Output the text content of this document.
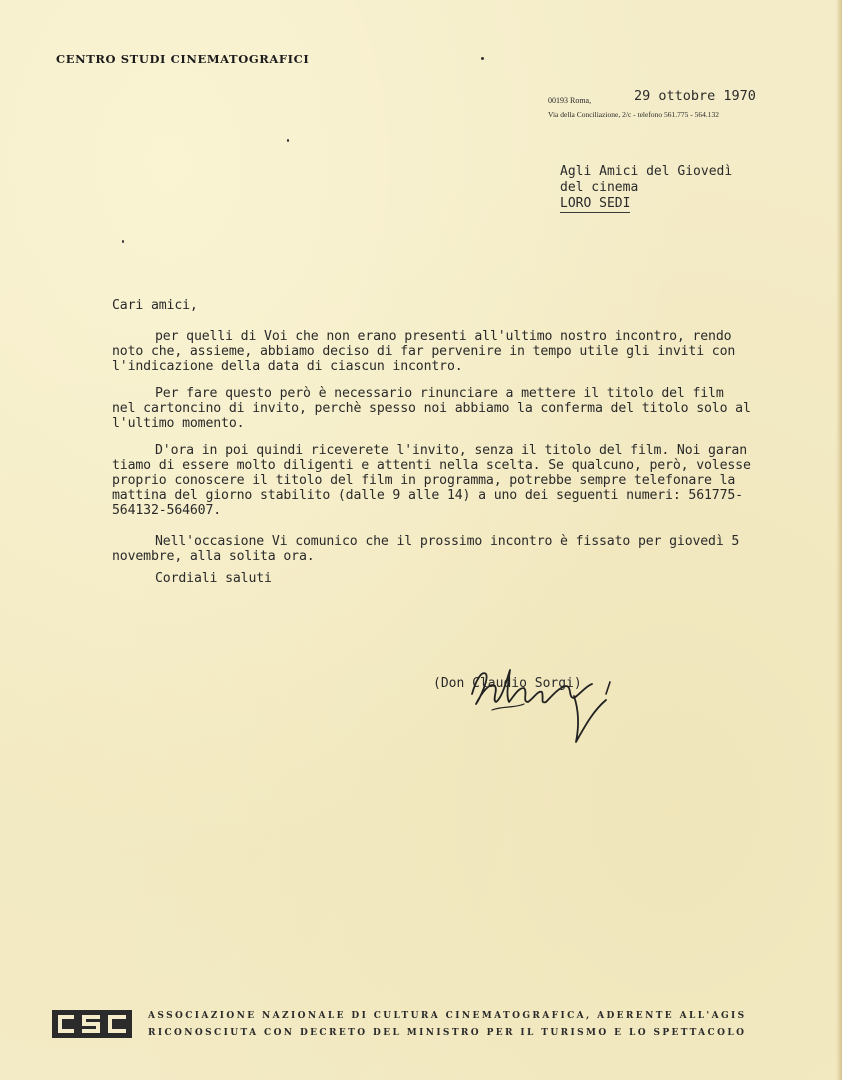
CENTRO STUDI CINEMATOGRAFICI
00193 Roma,
Via della Conciliazione, 2/c - telefono 561.775 - 564.132
29 ottobre 1970
Agli Amici del Giovedì
del cinema
LORO SEDI
Cari amici,
per quelli di Voi che non erano presenti all'ultimo nostro incontro, rendo
noto che, assieme, abbiamo deciso di far pervenire in tempo utile gli inviti con
l'indicazione della data di ciascun incontro.
Per fare questo però è necessario rinunciare a mettere il titolo del film
nel cartoncino di invito, perchè spesso noi abbiamo la conferma del titolo solo al
l'ultimo momento.
D'ora in poi quindi riceverete l'invito, senza il titolo del film. Noi garan
tiamo di essere molto diligenti e attenti nella scelta. Se qualcuno, però, volesse
proprio conoscere il titolo del film in programma, potrebbe sempre telefonare la
mattina del giorno stabilito (dalle 9 alle 14) a uno dei seguenti numeri: 561775-
564132-564607.
Nell'occasione Vi comunico che il prossimo incontro è fissato per giovedì 5
novembre, alla solita ora.
Cordiali saluti
(Don Claudio Sorgi)
ASSOCIAZIONE NAZIONALE DI CULTURA CINEMATOGRAFICA, ADERENTE ALL'AGIS
RICONOSCIUTA CON DECRETO DEL MINISTRO PER IL TURISMO E LO SPETTACOLO
